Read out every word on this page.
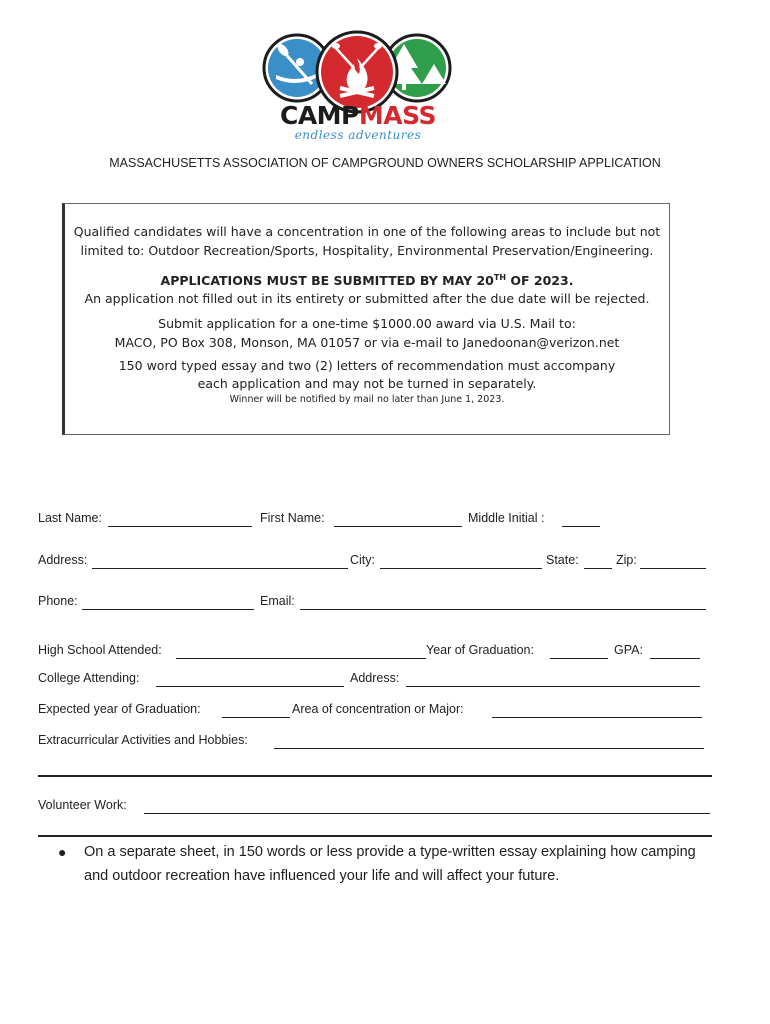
CAMPMASS
endless adventures
MASSACHUSETTS ASSOCIATION OF CAMPGROUND OWNERS SCHOLARSHIP APPLICATION

Qualified candidates will have a concentration in one of the following areas to include but not
limited to: Outdoor Recreation/Sports, Hospitality, Environmental Preservation/Engineering.

APPLICATIONS MUST BE SUBMITTED BY MAY 20TH OF 2023.

An application not filled out in its entirety or submitted after the due date will be rejected.

Submit application for a one-time $1000.00 award via U.S. Mail to:
MACO, PO Box 308, Monson, MA 01057 or via e-mail to Janedoonan@verizon.net

150 word typed essay and two (2) letters of recommendation must accompany
each application and may not be turned in separately.

Winner will be notified by mail no later than June 1, 2023.

Last Name:	First Name:	Middle Initial :
Address:	City:	State:	Zip:
Phone:	Email:
High School Attended:	Year of Graduation:	GPA:
College Attending:	Address:
Expected year of Graduation:	Area of concentration or Major:
Extracurricular Activities and Hobbies:
Volunteer Work:
● On a separate sheet, in 150 words or less provide a type-written essay explaining how camping
and outdoor recreation have influenced your life and will affect your future.
